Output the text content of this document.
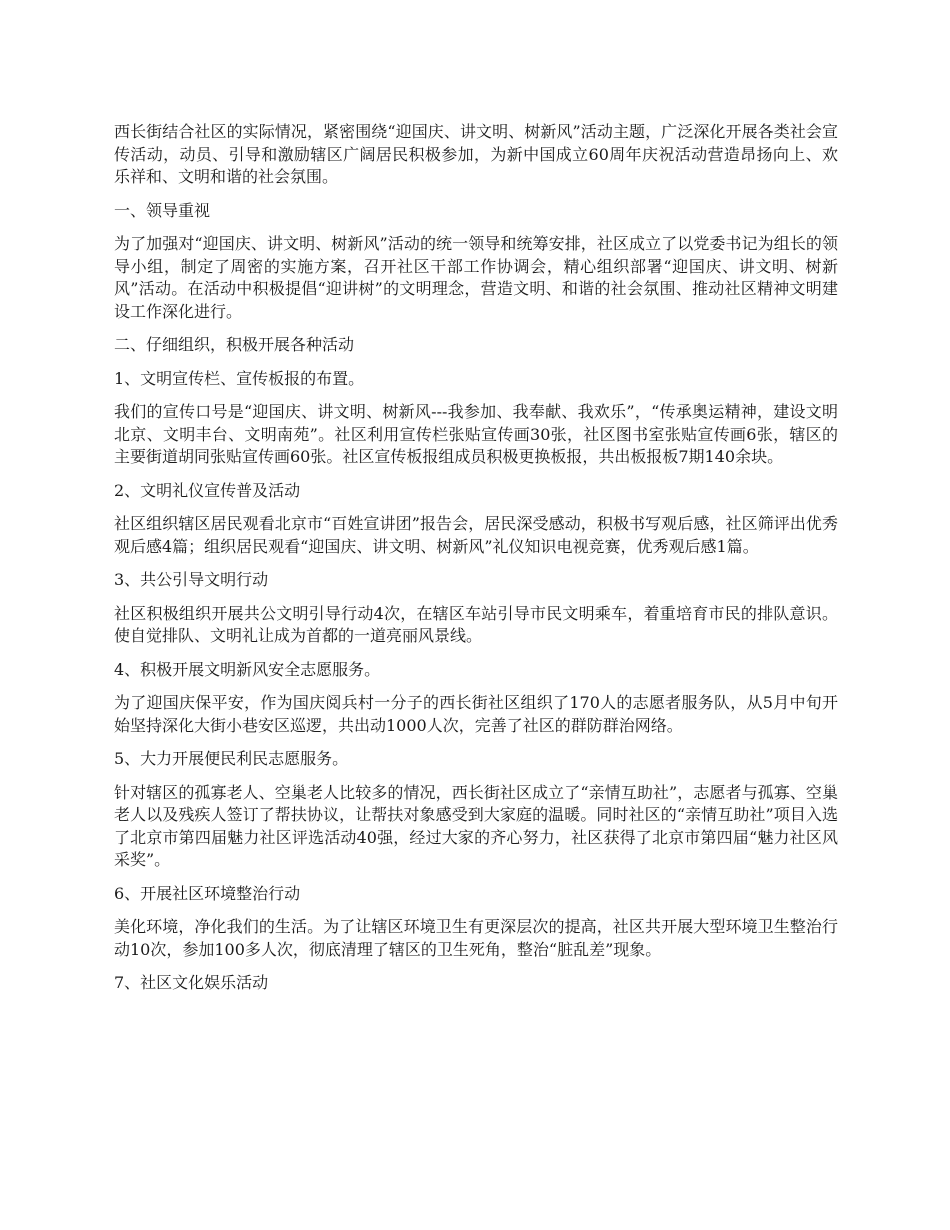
西长街结合社区的实际情况，紧密围绕“迎国庆、讲文明、树新风”活动主题，广泛深化开展各类社会宣传活动，动员、引导和激励辖区广阔居民积极参加，为新中国成立60周年庆祝活动营造昂扬向上、欢乐祥和、文明和谐的社会氛围。

一、领导重视

为了加强对“迎国庆、讲文明、树新风”活动的统一领导和统筹安排，社区成立了以党委书记为组长的领导小组，制定了周密的实施方案，召开社区干部工作协调会，精心组织部署“迎国庆、讲文明、树新风”活动。在活动中积极提倡“迎讲树”的文明理念，营造文明、和谐的社会氛围、推动社区精神文明建设工作深化进行。

二、仔细组织，积极开展各种活动

1、文明宣传栏、宣传板报的布置。

我们的宣传口号是“迎国庆、讲文明、树新风---我参加、我奉献、我欢乐”，“传承奥运精神，建设文明北京、文明丰台、文明南苑”。社区利用宣传栏张贴宣传画30张，社区图书室张贴宣传画6张，辖区的主要街道胡同张贴宣传画60张。社区宣传板报组成员积极更换板报，共出板报板7期140余块。

2、文明礼仪宣传普及活动

社区组织辖区居民观看北京市“百姓宣讲团”报告会，居民深受感动，积极书写观后感，社区筛评出优秀观后感4篇；组织居民观看“迎国庆、讲文明、树新风”礼仪知识电视竞赛，优秀观后感1篇。

3、共公引导文明行动

社区积极组织开展共公文明引导行动4次，在辖区车站引导市民文明乘车，着重培育市民的排队意识。使自觉排队、文明礼让成为首都的一道亮丽风景线。

4、积极开展文明新风安全志愿服务。

为了迎国庆保平安，作为国庆阅兵村一分子的西长街社区组织了170人的志愿者服务队，从5月中旬开始坚持深化大街小巷安区巡逻，共出动1000人次，完善了社区的群防群治网络。

5、大力开展便民利民志愿服务。

针对辖区的孤寡老人、空巢老人比较多的情况，西长街社区成立了“亲情互助社”，志愿者与孤寡、空巢老人以及残疾人签订了帮扶协议，让帮扶对象感受到大家庭的温暖。同时社区的“亲情互助社”项目入选了北京市第四届魅力社区评选活动40强，经过大家的齐心努力，社区获得了北京市第四届“魅力社区风采奖”。

6、开展社区环境整治行动

美化环境，净化我们的生活。为了让辖区环境卫生有更深层次的提高，社区共开展大型环境卫生整治行动10次，参加100多人次，彻底清理了辖区的卫生死角，整治“脏乱差”现象。

7、社区文化娱乐活动
